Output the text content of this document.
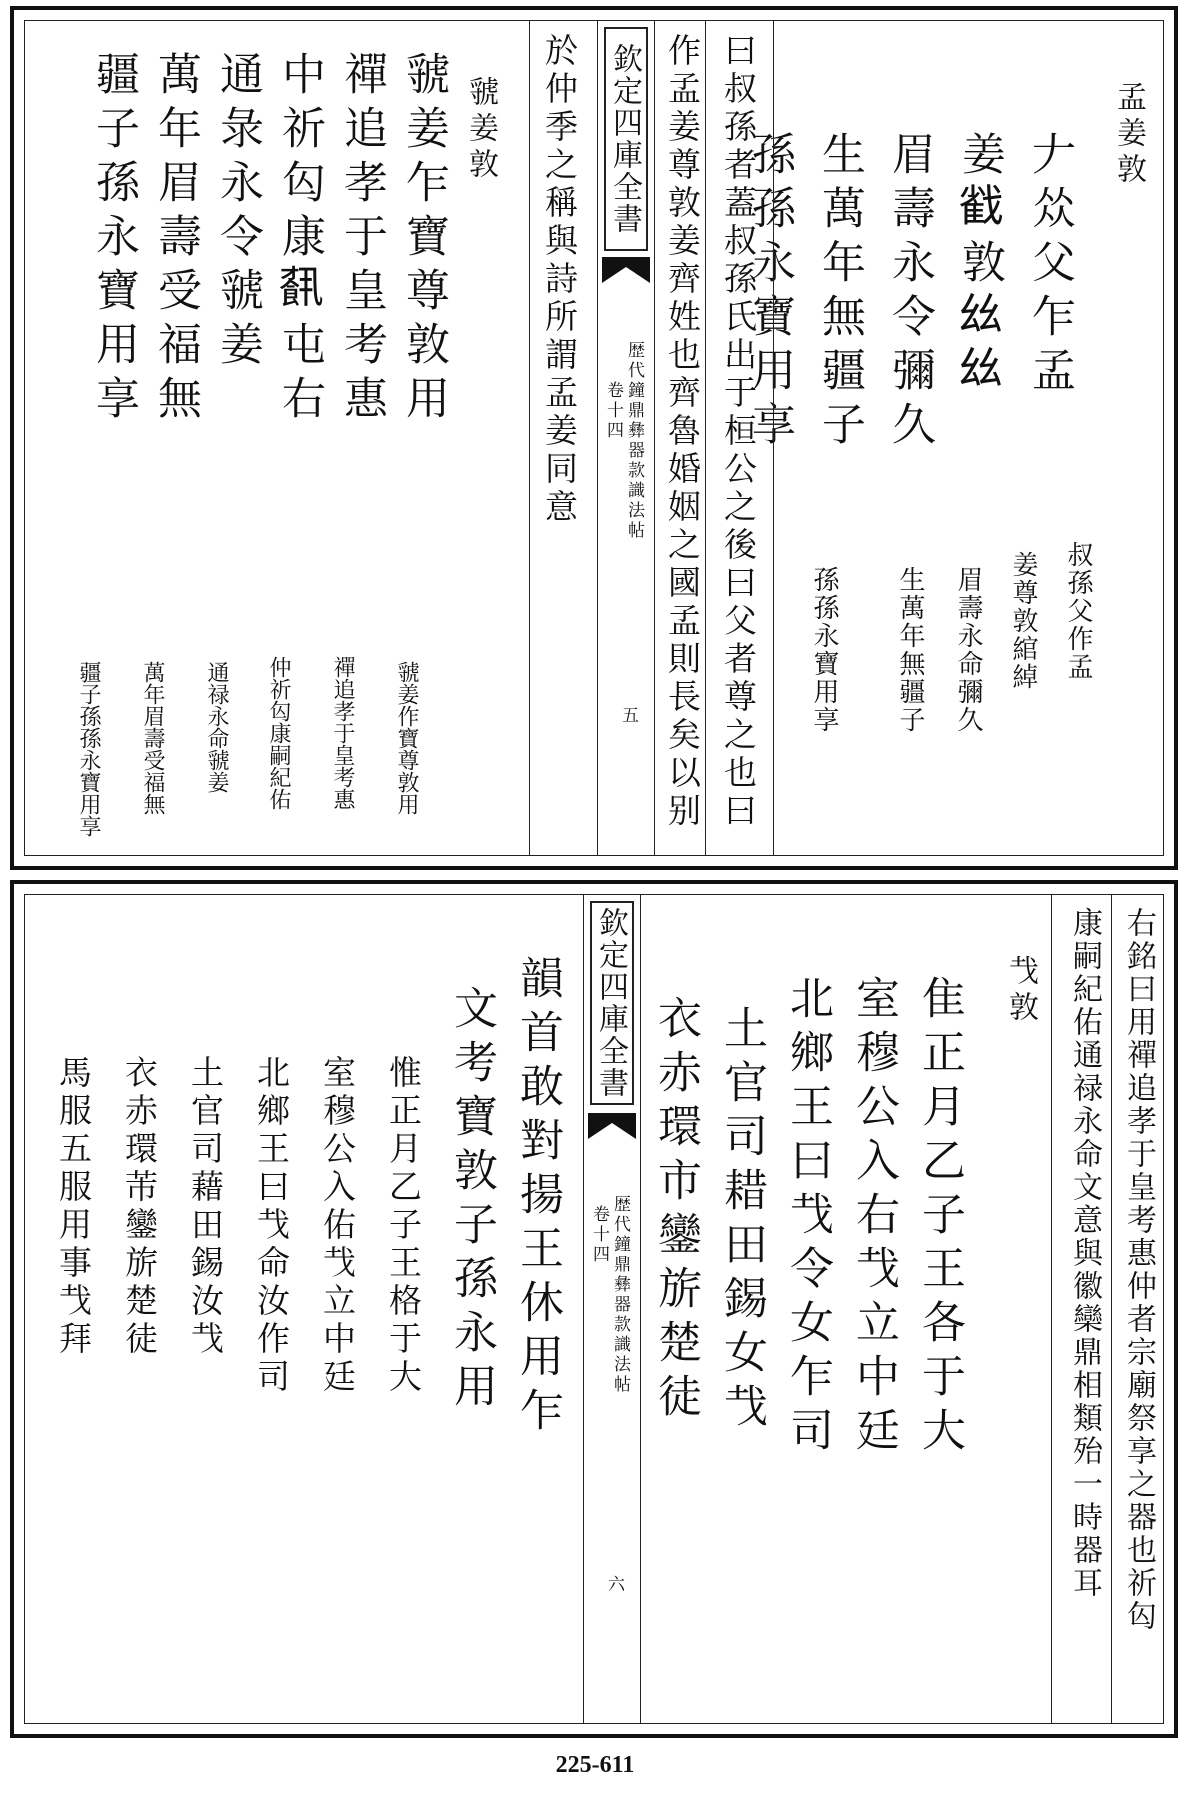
孟姜敦
𠂇𠈌父乍孟
姜𢧵敦𢆶𢆶
眉壽永令彌久
生萬年無疆子
孫孫永寶用享
叔孫父作孟
姜尊敦綰綽
眉壽永命彌久
生萬年無疆子
孫孫永寶用享
曰叔孫者蓋叔孫氏出于桓公之後曰父者尊之也曰
作孟姜尊敦姜齊姓也齊魯婚姻之國孟則長矣以别
欽定四庫全書
歴代鐘鼎彝器款識法帖
卷十四
五
於仲季之稱與詩所謂孟姜同意
虢姜敦
虢姜乍寶尊敦用
禪追孝于皇考惠
中祈匃康𩛥屯右
通彔永令虢姜
萬年眉壽受福無
疆子孫永寶用享
虢姜作寶尊敦用
禪追孝于皇考惠
仲祈匃康嗣紀佑
通禄永命虢姜
萬年眉壽受福無
疆子孫孫永寶用享
右銘曰用禪追孝于皇考惠仲者宗廟祭享之器也祈匃
康嗣紀佑通禄永命文意與徽欒鼎相類殆一時器耳
𢦏敦
隹正月乙子王各于大
室穆公入右𢦏立中廷
北鄉王曰𢦏令女乍司
土官司耤田錫女𢦏
衣赤環市鑾旂楚徒
欽定四庫全書
歴代鐘鼎彝器款識法帖
卷十四
六
韻首敢對揚王休用乍
文考寶敦子孫永用
惟正月乙子王格于大
室穆公入佑𢦏立中廷
北鄉王曰𢦏命汝作司
土官司藉田錫汝𢦏
衣赤環芾鑾旂楚徒
馬服五服用事𢦏拜
225-611
